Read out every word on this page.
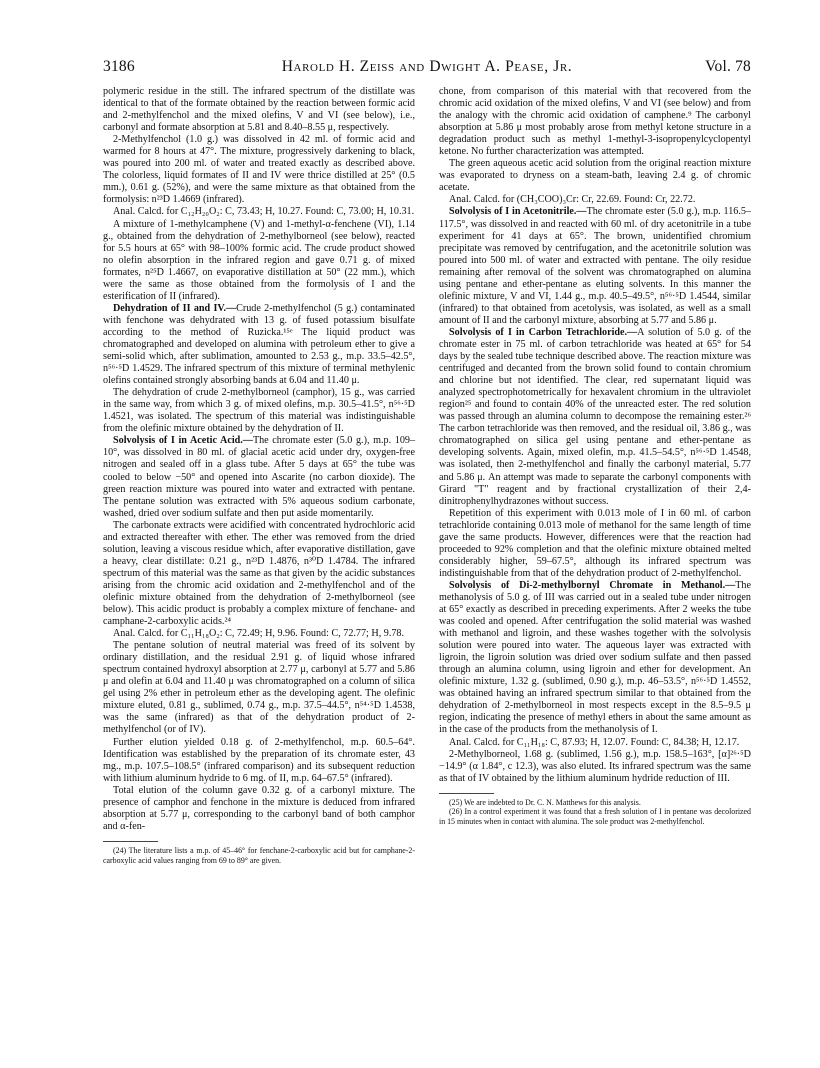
3186	Harold H. Zeiss and Dwight A. Pease, Jr.	Vol. 78

polymeric residue in the still. The infrared spectrum of the distillate was identical to that of the formate obtained by the reaction between formic acid and 2-methylfenchol and the mixed olefins, V and VI (see below), i.e., carbonyl and formate absorption at 5.81 and 8.40–8.55 μ, respectively.

2-Methylfenchol (1.0 g.) was dissolved in 42 ml. of formic acid and warmed for 8 hours at 47°. The mixture, progressively darkening to black, was poured into 200 ml. of water and treated exactly as described above. The colorless, liquid formates of II and IV were thrice distilled at 25° (0.5 mm.), 0.61 g. (52%), and were the same mixture as that obtained from the formolysis: n²³D 1.4669 (infrared).

Anal. Calcd. for C₁₂H₂₀O₂: C, 73.43; H, 10.27. Found: C, 73.00; H, 10.31.

A mixture of 1-methylcamphene (V) and 1-methyl-α-fenchene (VI), 1.14 g., obtained from the dehydration of 2-methylborneol (see below), reacted for 5.5 hours at 65° with 98–100% formic acid. The crude product showed no olefin absorption in the infrared region and gave 0.71 g. of mixed formates, n²⁵D 1.4667, on evaporative distillation at 50° (22 mm.), which were the same as those obtained from the formolysis of I and the esterification of II (infrared).

Dehydration of II and IV.—Crude 2-methylfenchol (5 g.) contaminated with fenchone was dehydrated with 13 g. of fused potassium bisulfate according to the method of Ruzicka.¹⁵ᵉ The liquid product was chromatographed and developed on alumina with petroleum ether to give a semi-solid which, after sublimation, amounted to 2.53 g., m.p. 33.5–42.5°, n⁵⁶·⁵D 1.4529. The infrared spectrum of this mixture of terminal methylenic olefins contained strongly absorbing bands at 6.04 and 11.40 μ.

The dehydration of crude 2-methylborneol (camphor), 15 g., was carried in the same way, from which 3 g. of mixed olefins, m.p. 30.5–41.5°, n⁵⁶·⁵D 1.4521, was isolated. The spectrum of this material was indistinguishable from the olefinic mixture obtained by the dehydration of II.

Solvolysis of I in Acetic Acid.—The chromate ester (5.0 g.), m.p. 109–10°, was dissolved in 80 ml. of glacial acetic acid under dry, oxygen-free nitrogen and sealed off in a glass tube. After 5 days at 65° the tube was cooled to below −50° and opened into Ascarite (no carbon dioxide). The green reaction mixture was poured into water and extracted with pentane. The pentane solution was extracted with 5% aqueous sodium carbonate, washed, dried over sodium sulfate and then put aside momentarily.

The carbonate extracts were acidified with concentrated hydrochloric acid and extracted thereafter with ether. The ether was removed from the dried solution, leaving a viscous residue which, after evaporative distillation, gave a heavy, clear distillate: 0.21 g., n²³D 1.4876, n³⁰D 1.4784. The infrared spectrum of this material was the same as that given by the acidic substances arising from the chromic acid oxidation and 2-methylfenchol and of the olefinic mixture obtained from the dehydration of 2-methylborneol (see below). This acidic product is probably a complex mixture of fenchane- and camphane-2-carboxylic acids.²⁴

Anal. Calcd. for C₁₁H₁₈O₂: C, 72.49; H, 9.96. Found: C, 72.77; H, 9.78.

The pentane solution of neutral material was freed of its solvent by ordinary distillation, and the residual 2.91 g. of liquid whose infrared spectrum contained hydroxyl absorption at 2.77 μ, carbonyl at 5.77 and 5.86 μ and olefin at 6.04 and 11.40 μ was chromatographed on a column of silica gel using 2% ether in petroleum ether as the developing agent. The olefinic mixture eluted, 0.81 g., sublimed, 0.74 g., m.p. 37.5–44.5°, n⁵⁴·⁵D 1.4538, was the same (infrared) as that of the dehydration product of 2-methylfenchol (or of IV).

Further elution yielded 0.18 g. of 2-methylfenchol, m.p. 60.5–64°. Identification was established by the preparation of its chromate ester, 43 mg., m.p. 107.5–108.5° (infrared comparison) and its subsequent reduction with lithium aluminum hydride to 6 mg. of II, m.p. 64–67.5° (infrared).

Total elution of the column gave 0.32 g. of a carbonyl mixture. The presence of camphor and fenchone in the mixture is deduced from infrared absorption at 5.77 μ, corresponding to the carbonyl band of both camphor and α-fen-

(24) The literature lists a m.p. of 45–46° for fenchane-2-carboxylic acid but for camphane-2-carboxylic acid values ranging from 69 to 89° are given.

chone, from comparison of this material with that recovered from the chromic acid oxidation of the mixed olefins, V and VI (see below) and from the analogy with the chromic acid oxidation of camphene.⁹ The carbonyl absorption at 5.86 μ most probably arose from methyl ketone structure in a degradation product such as methyl 1-methyl-3-isopropenylcyclopentyl ketone. No further characterization was attempted.

The green aqueous acetic acid solution from the original reaction mixture was evaporated to dryness on a steam-bath, leaving 2.4 g. of chromic acetate.

Anal. Calcd. for (CH₃COO)₃Cr: Cr, 22.69. Found: Cr, 22.72.

Solvolysis of I in Acetonitrile.—The chromate ester (5.0 g.), m.p. 116.5–117.5°, was dissolved in and reacted with 60 ml. of dry acetonitrile in a tube experiment for 41 days at 65°. The brown, unidentified chromium precipitate was removed by centrifugation, and the acetonitrile solution was poured into 500 ml. of water and extracted with pentane. The oily residue remaining after removal of the solvent was chromatographed on alumina using pentane and ether-pentane as eluting solvents. In this manner the olefinic mixture, V and VI, 1.44 g., m.p. 40.5–49.5°, n⁵⁶·⁵D 1.4544, similar (infrared) to that obtained from acetolysis, was isolated, as well as a small amount of II and the carbonyl mixture, absorbing at 5.77 and 5.86 μ.

Solvolysis of I in Carbon Tetrachloride.—A solution of 5.0 g. of the chromate ester in 75 ml. of carbon tetrachloride was heated at 65° for 54 days by the sealed tube technique described above. The reaction mixture was centrifuged and decanted from the brown solid found to contain chromium and chlorine but not identified. The clear, red supernatant liquid was analyzed spectrophotometrically for hexavalent chromium in the ultraviolet region²⁵ and found to contain 40% of the unreacted ester. The red solution was passed through an alumina column to decompose the remaining ester.²⁶ The carbon tetrachloride was then removed, and the residual oil, 3.86 g., was chromatographed on silica gel using pentane and ether-pentane as developing solvents. Again, mixed olefin, m.p. 41.5–54.5°, n⁵⁶·⁵D 1.4548, was isolated, then 2-methylfenchol and finally the carbonyl material, 5.77 and 5.86 μ. An attempt was made to separate the carbonyl components with Girard "T" reagent and by fractional crystallization of their 2,4-dinitrophenylhydrazones without success.

Repetition of this experiment with 0.013 mole of I in 60 ml. of carbon tetrachloride containing 0.013 mole of methanol for the same length of time gave the same products. However, differences were that the reaction had proceeded to 92% completion and that the olefinic mixture obtained melted considerably higher, 59–67.5°, although its infrared spectrum was indistinguishable from that of the dehydration product of 2-methylfenchol.

Solvolysis of Di-2-methylbornyl Chromate in Methanol.—The methanolysis of 5.0 g. of III was carried out in a sealed tube under nitrogen at 65° exactly as described in preceding experiments. After 2 weeks the tube was cooled and opened. After centrifugation the solid material was washed with methanol and ligroin, and these washes together with the solvolysis solution were poured into water. The aqueous layer was extracted with ligroin, the ligroin solution was dried over sodium sulfate and then passed through an alumina column, using ligroin and ether for development. An olefinic mixture, 1.32 g. (sublimed, 0.90 g.), m.p. 46–53.5°, n⁵⁶·⁵D 1.4552, was obtained having an infrared spectrum similar to that obtained from the dehydration of 2-methylborneol in most respects except in the 8.5–9.5 μ region, indicating the presence of methyl ethers in about the same amount as in the case of the products from the methanolysis of I.

Anal. Calcd. for C₁₁H₁₈: C, 87.93; H, 12.07. Found: C, 84.38; H, 12.17.

2-Methylborneol, 1.68 g. (sublimed, 1.56 g.), m.p. 158.5–163°, [α]²⁶·⁵D −14.9° (α 1.84°, c 12.3), was also eluted. Its infrared spectrum was the same as that of IV obtained by the lithium aluminum hydride reduction of III.

(25) We are indebted to Dr. C. N. Matthews for this analysis.

(26) In a control experiment it was found that a fresh solution of I in pentane was decolorized in 15 minutes when in contact with alumina. The sole product was 2-methylfenchol.
